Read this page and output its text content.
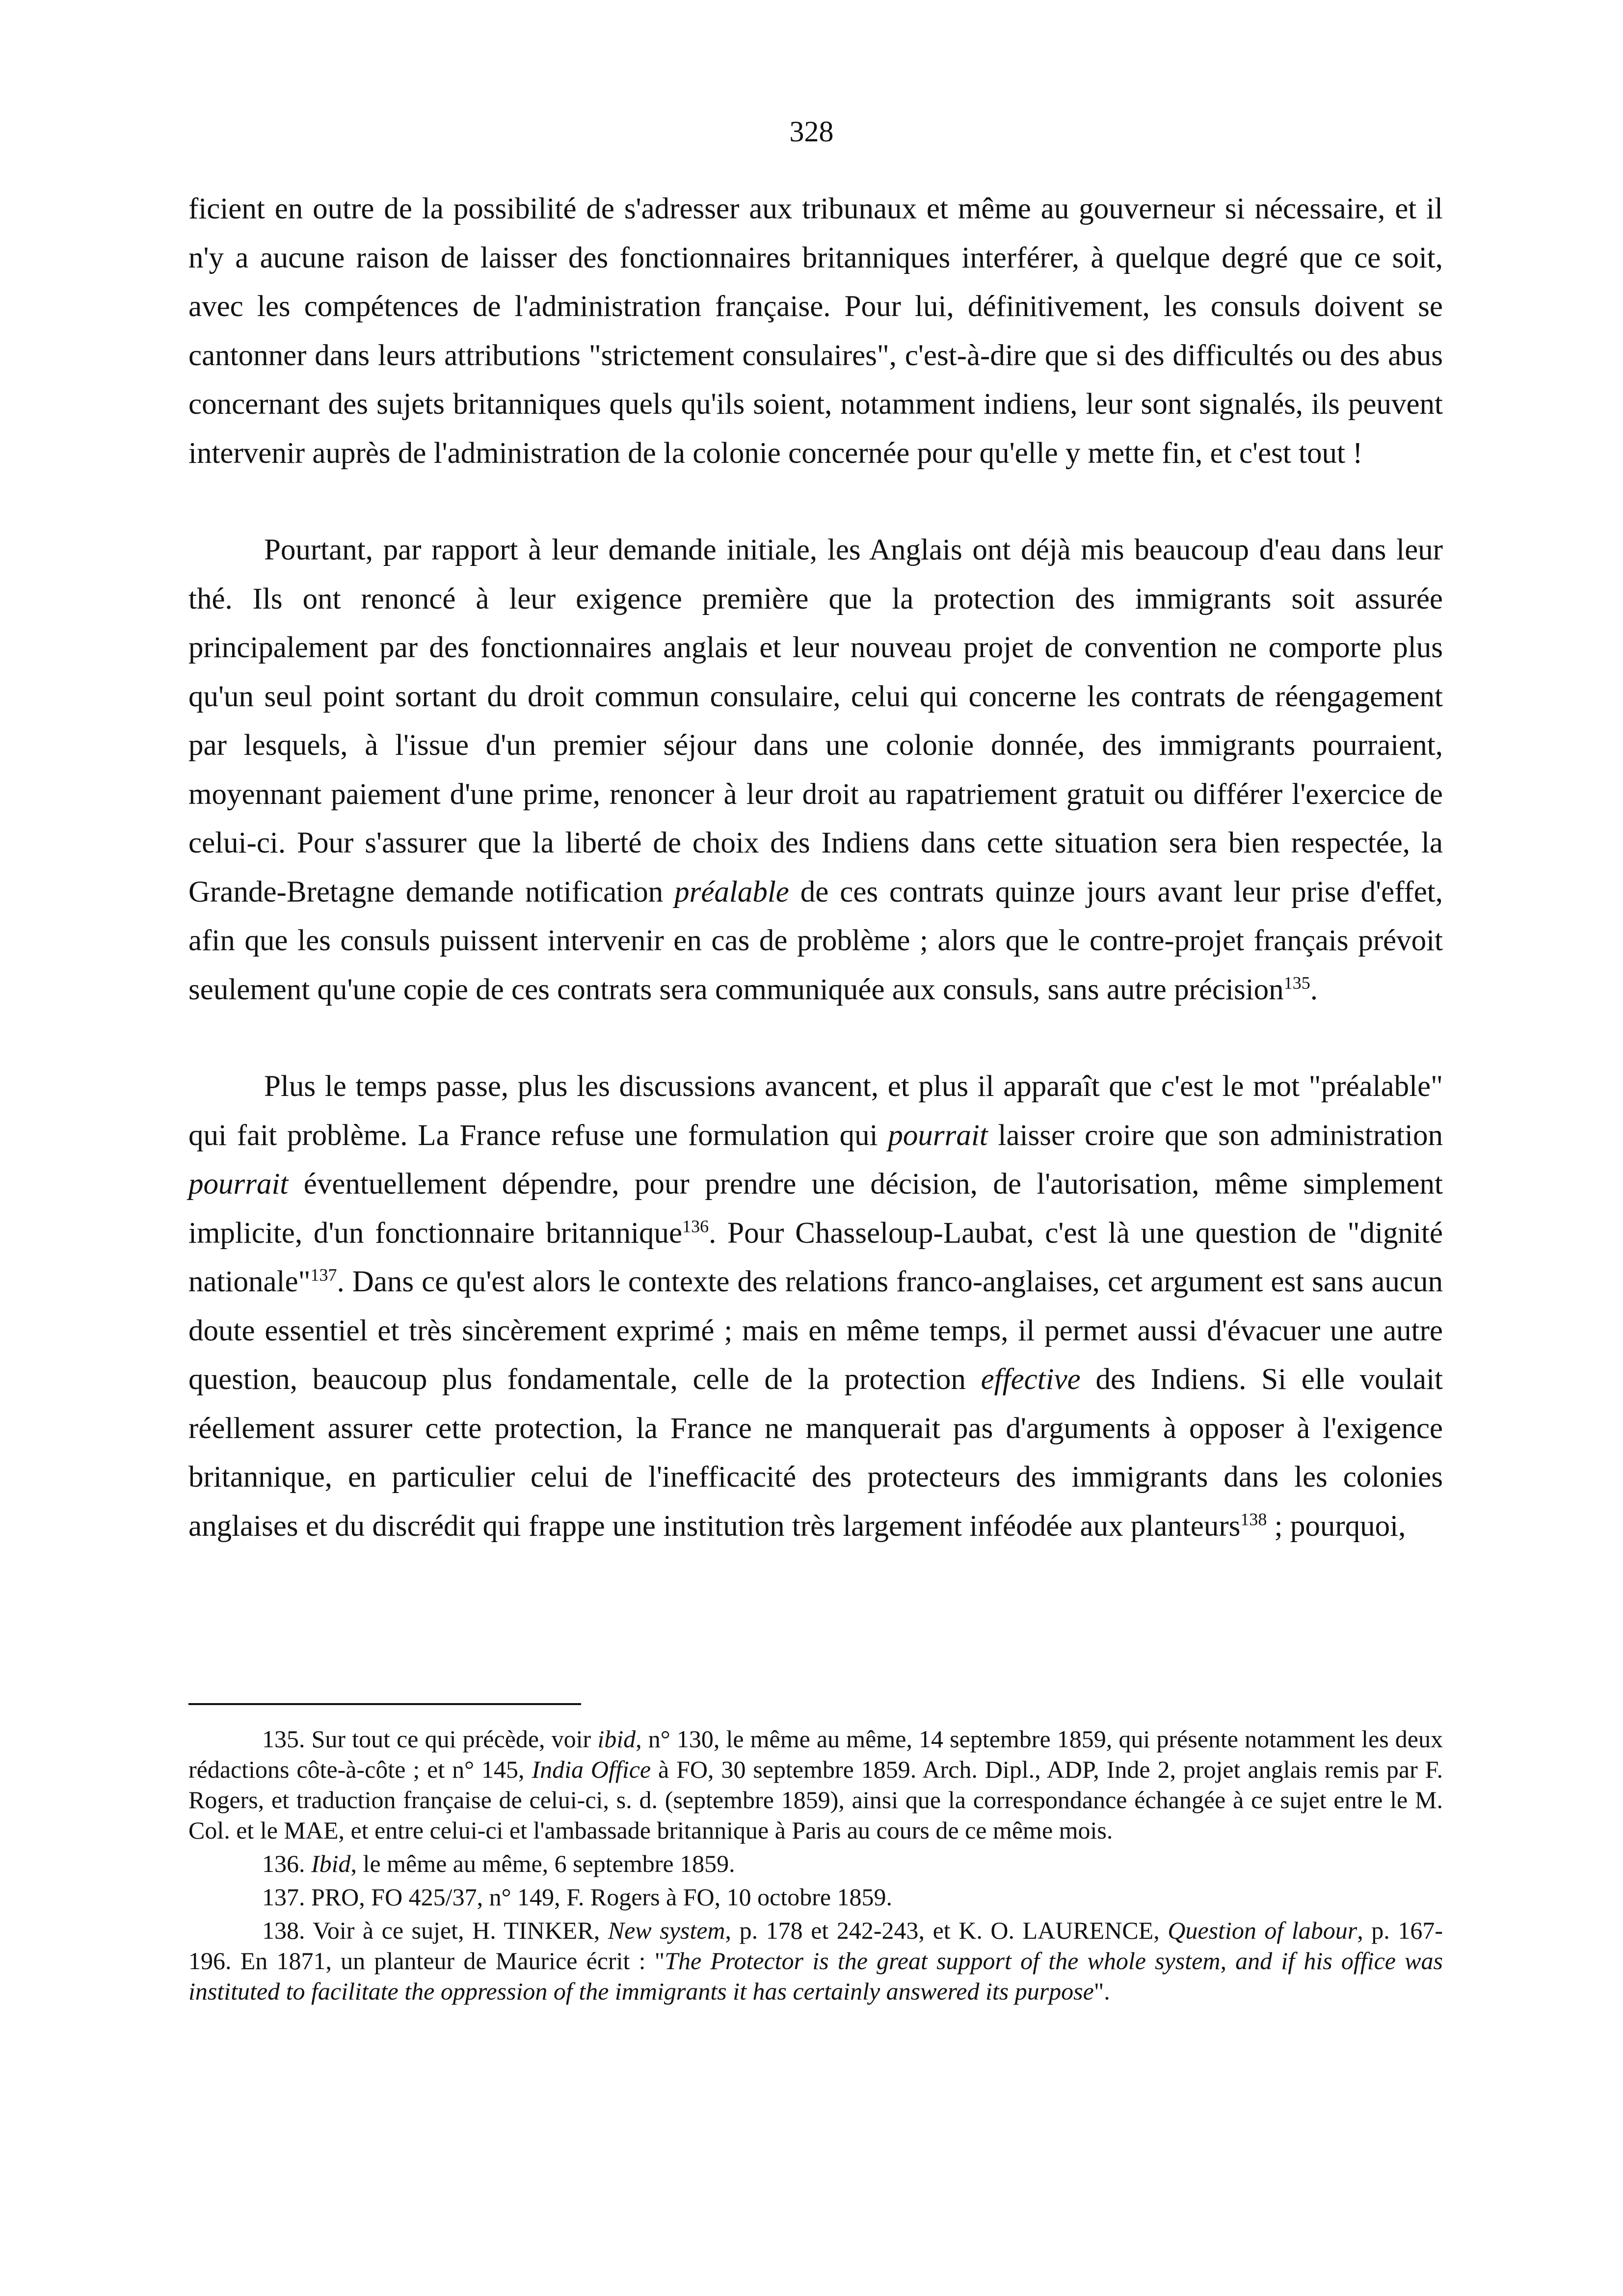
328

ficient en outre de la possibilité de s'adresser aux tribunaux et même au gouverneur si nécessaire, et il n'y a aucune raison de laisser des fonctionnaires britanniques interférer, à quelque degré que ce soit, avec les compétences de l'administration française. Pour lui, définitivement, les consuls doivent se cantonner dans leurs attributions "strictement consulaires", c'est-à-dire que si des difficultés ou des abus concernant des sujets britanniques quels qu'ils soient, notamment indiens, leur sont signalés, ils peuvent intervenir auprès de l'administration de la colonie concernée pour qu'elle y mette fin, et c'est tout !

Pourtant, par rapport à leur demande initiale, les Anglais ont déjà mis beaucoup d'eau dans leur thé. Ils ont renoncé à leur exigence première que la protection des immigrants soit assurée principalement par des fonctionnaires anglais et leur nouveau projet de convention ne comporte plus qu'un seul point sortant du droit commun consulaire, celui qui concerne les contrats de réengagement par lesquels, à l'issue d'un premier séjour dans une colonie donnée, des immigrants pourraient, moyennant paiement d'une prime, renoncer à leur droit au rapatriement gratuit ou différer l'exercice de celui-ci. Pour s'assurer que la liberté de choix des Indiens dans cette situation sera bien respectée, la Grande-Bretagne demande notification préalable de ces contrats quinze jours avant leur prise d'effet, afin que les consuls puissent intervenir en cas de problème ; alors que le contre-projet français prévoit seulement qu'une copie de ces contrats sera communiquée aux consuls, sans autre précision$^{135}$.

Plus le temps passe, plus les discussions avancent, et plus il apparaît que c'est le mot "préalable" qui fait problème. La France refuse une formulation qui pourrait laisser croire que son administration pourrait éventuellement dépendre, pour prendre une décision, de l'autorisation, même simplement implicite, d'un fonctionnaire britannique$^{136}$. Pour Chasseloup-Laubat, c'est là une question de "dignité nationale"$^{137}$. Dans ce qu'est alors le contexte des relations franco-anglaises, cet argument est sans aucun doute essentiel et très sincèrement exprimé ; mais en même temps, il permet aussi d'évacuer une autre question, beaucoup plus fondamentale, celle de la protection effective des Indiens. Si elle voulait réellement assurer cette protection, la France ne manquerait pas d'arguments à opposer à l'exigence britannique, en particulier celui de l'inefficacité des protecteurs des immigrants dans les colonies anglaises et du discrédit qui frappe une institution très largement inféodée aux planteurs$^{138}$ ; pourquoi,

135. Sur tout ce qui précède, voir ibid, n° 130, le même au même, 14 septembre 1859, qui présente notamment les deux rédactions côte-à-côte ; et n° 145, India Office à FO, 30 septembre 1859. Arch. Dipl., ADP, Inde 2, projet anglais remis par F. Rogers, et traduction française de celui-ci, s. d. (septembre 1859), ainsi que la correspondance échangée à ce sujet entre le M. Col. et le MAE, et entre celui-ci et l'ambassade britannique à Paris au cours de ce même mois.

136. Ibid, le même au même, 6 septembre 1859.

137. PRO, FO 425/37, n° 149, F. Rogers à FO, 10 octobre 1859.

138. Voir à ce sujet, H. TINKER, New system, p. 178 et 242-243, et K. O. LAURENCE, Question of labour, p. 167-196. En 1871, un planteur de Maurice écrit : "The Protector is the great support of the whole system, and if his office was instituted to facilitate the oppression of the immigrants it has certainly answered its purpose".
